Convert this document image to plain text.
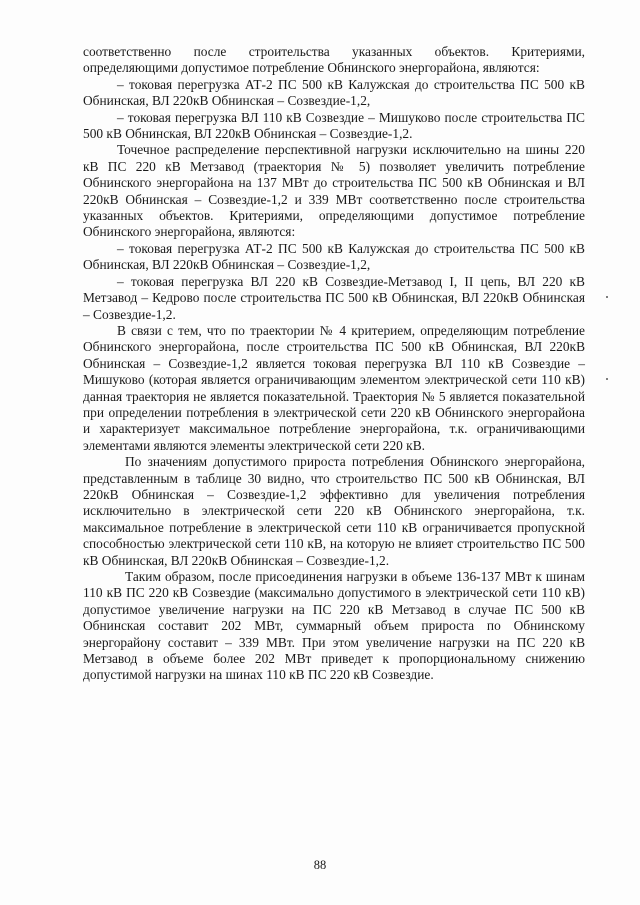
соответственно после строительства указанных объектов. Критериями, определяющими допустимое потребление Обнинского энергорайона, являются:

– токовая перегрузка АТ-2 ПС 500 кВ Калужская до строительства ПС 500 кВ Обнинская, ВЛ 220кВ Обнинская – Созвездие-1,2,

– токовая перегрузка ВЛ 110 кВ Созвездие – Мишуково после строительства ПС 500 кВ Обнинская, ВЛ 220кВ Обнинская – Созвездие-1,2.

Точечное распределение перспективной нагрузки исключительно на шины 220 кВ ПС 220 кВ Метзавод (траектория № 5) позволяет увеличить потребление Обнинского энергорайона на 137 МВт до строительства ПС 500 кВ Обнинская и ВЛ 220кВ Обнинская – Созвездие-1,2 и 339 МВт соответственно после строительства указанных объектов. Критериями, определяющими допустимое потребление Обнинского энергорайона, являются:

– токовая перегрузка АТ-2 ПС 500 кВ Калужская до строительства ПС 500 кВ Обнинская, ВЛ 220кВ Обнинская – Созвездие-1,2,

– токовая перегрузка ВЛ 220 кВ Созвездие-Метзавод I, II цепь, ВЛ 220 кВ Метзавод – Кедрово после строительства ПС 500 кВ Обнинская, ВЛ 220кВ Обнинская – Созвездие-1,2.

В связи с тем, что по траектории № 4 критерием, определяющим потребление Обнинского энергорайона, после строительства ПС 500 кВ Обнинская, ВЛ 220кВ Обнинская – Созвездие-1,2 является токовая перегрузка ВЛ 110 кВ Созвездие – Мишуково (которая является ограничивающим элементом электрической сети 110 кВ) данная траектория не является показательной. Траектория № 5 является показательной при определении потребления в электрической сети 220 кВ Обнинского энергорайона и характеризует максимальное потребление энергорайона, т.к. ограничивающими элементами являются элементы электрической сети 220 кВ.

По значениям допустимого прироста потребления Обнинского энергорайона, представленным в таблице 30 видно, что строительство ПС 500 кВ Обнинская, ВЛ 220кВ Обнинская – Созвездие-1,2 эффективно для увеличения потребления исключительно в электрической сети 220 кВ Обнинского энергорайона, т.к. максимальное потребление в электрической сети 110 кВ ограничивается пропускной способностью электрической сети 110 кВ, на которую не влияет строительство ПС 500 кВ Обнинская, ВЛ 220кВ Обнинская – Созвездие-1,2.

Таким образом, после присоединения нагрузки в объеме 136-137 МВт к шинам 110 кВ ПС 220 кВ Созвездие (максимально допустимого в электрической сети 110 кВ) допустимое увеличение нагрузки на ПС 220 кВ Метзавод в случае ПС 500 кВ Обнинская составит 202 МВт, суммарный объем прироста по Обнинскому энергорайону составит – 339 МВт. При этом увеличение нагрузки на ПС 220 кВ Метзавод в объеме более 202 МВт приведет к пропорциональному снижению допустимой нагрузки на шинах 110 кВ ПС 220 кВ Созвездие.

88
